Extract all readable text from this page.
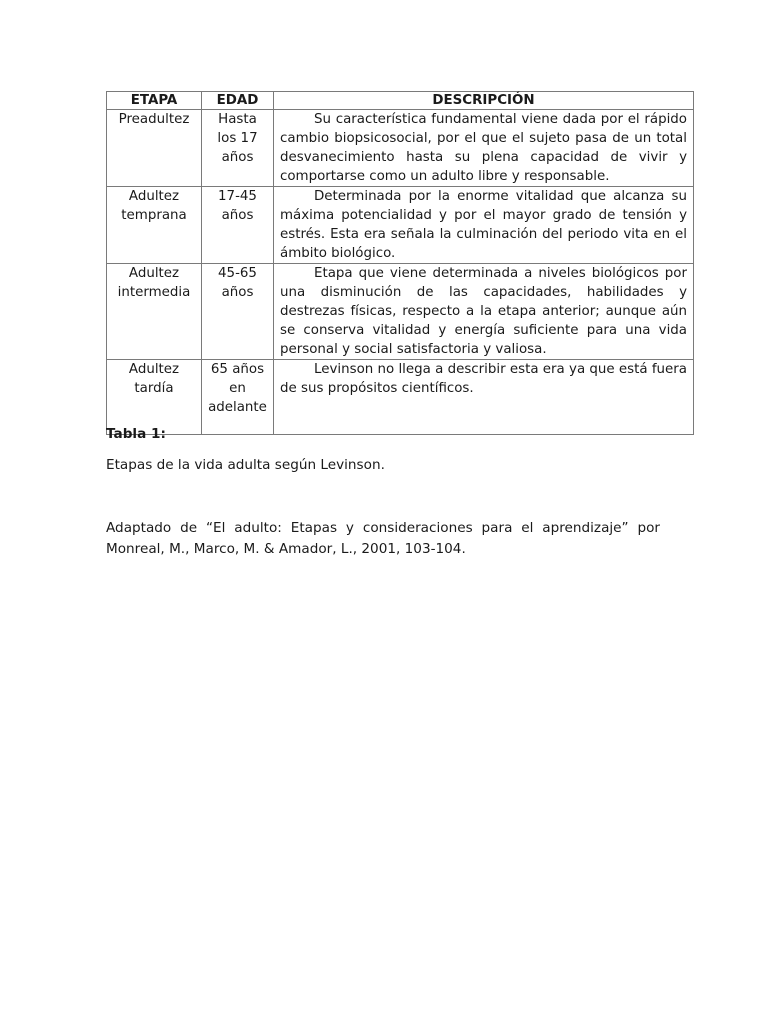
ETAPA	EDAD	DESCRIPCIÓN
Preadultez	Hasta los 17 años	Su característica fundamental viene dada por el rápido cambio biopsicosocial, por el que el sujeto pasa de un total desvanecimiento hasta su plena capacidad de vivir y comportarse como un adulto libre y responsable.
Adultez temprana	17-45 años	Determinada por la enorme vitalidad que alcanza su máxima potencialidad y por el mayor grado de tensión y estrés. Esta era señala la culminación del periodo vita en el ámbito biológico.
Adultez intermedia	45-65 años	Etapa que viene determinada a niveles biológicos por una disminución de las capacidades, habilidades y destrezas físicas, respecto a la etapa anterior; aunque aún se conserva vitalidad y energía suficiente para una vida personal y social satisfactoria y valiosa.
Adultez tardía	65 años en adelante	Levinson no llega a describir esta era ya que está fuera de sus propósitos científicos.
Tabla 1:
Etapas de la vida adulta según Levinson.
Adaptado de “El adulto: Etapas y consideraciones para el aprendizaje” por Monreal, M., Marco, M. & Amador, L., 2001, 103-104.
